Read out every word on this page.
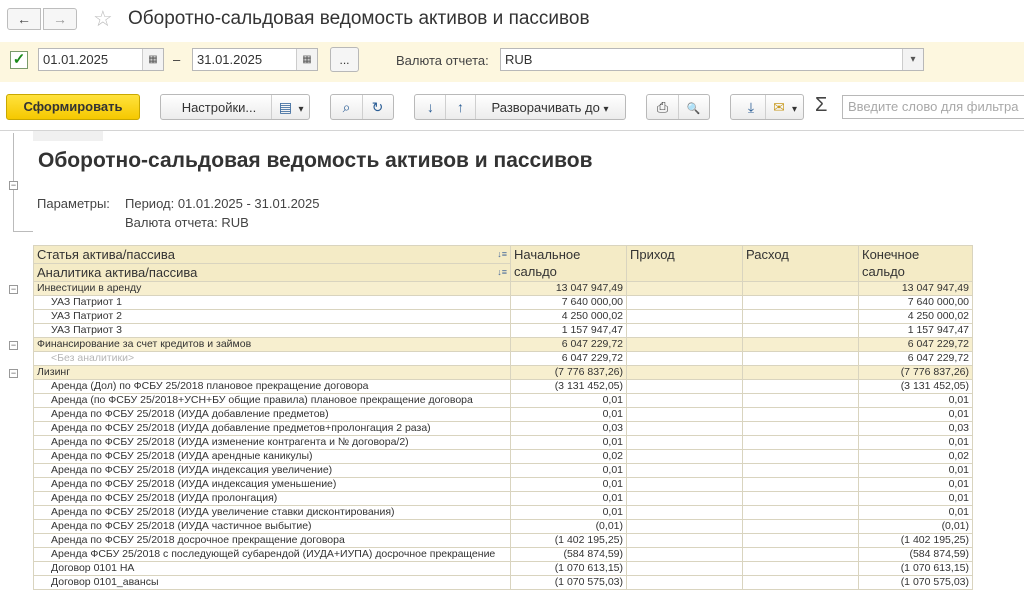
←	→	☆ Оборотно-сальдовая ведомость активов и пассивов
✓	01.01.2025	▦	–	31.01.2025	▦	...	Валюта отчета:	RUB	▾
Сформировать	Настройки... ▤ ▾	⌕ ↻	↓ ↑ Разворачивать до ▾	⎙ 🔍	⤓ ✉ ▾ Σ	Введите слово для фильтра
−
Оборотно-сальдовая ведомость активов и пассивов
Параметры: Период: 01.01.2025 - 31.01.2025
Валюта отчета: RUB
−
−
−
Статья актива/пассива ↓≡	Начальное сальдо	Приход	Расход	Конечное сальдо

Аналитика актива/пассива ↓≡				

Инвестиции в аренду	13 047 947,49			13 047 947,49
УАЗ Патриот 1	7 640 000,00			7 640 000,00
УАЗ Патриот 2	4 250 000,02			4 250 000,02
УАЗ Патриот 3	1 157 947,47			1 157 947,47
Финансирование за счет кредитов и займов	6 047 229,72			6 047 229,72
<Без аналитики>	6 047 229,72			6 047 229,72
Лизинг	(7 776 837,26)			(7 776 837,26)
Аренда (Дол) по ФСБУ 25/2018 плановое прекращение договора	(3 131 452,05)			(3 131 452,05)
Аренда (по ФСБУ 25/2018+УСН+БУ общие правила) плановое прекращение договора	0,01			0,01
Аренда по ФСБУ 25/2018 (ИУДА добавление предметов)	0,01			0,01
Аренда по ФСБУ 25/2018 (ИУДА добавление предметов+пролонгация 2 раза)	0,03			0,03
Аренда по ФСБУ 25/2018 (ИУДА изменение контрагента и № договора/2)	0,01			0,01
Аренда по ФСБУ 25/2018 (ИУДА арендные каникулы)	0,02			0,02
Аренда по ФСБУ 25/2018 (ИУДА индексация увеличение)	0,01			0,01
Аренда по ФСБУ 25/2018 (ИУДА индексация уменьшение)	0,01			0,01
Аренда по ФСБУ 25/2018 (ИУДА пролонгация)	0,01			0,01
Аренда по ФСБУ 25/2018 (ИУДА увеличение ставки дисконтирования)	0,01			0,01
Аренда по ФСБУ 25/2018 (ИУДА частичное выбытие)	(0,01)			(0,01)
Аренда по ФСБУ 25/2018 досрочное прекращение договора	(1 402 195,25)			(1 402 195,25)
Аренда ФСБУ 25/2018 с последующей субарендой (ИУДА+ИУПА) досрочное прекращение	(584 874,59)			(584 874,59)
Договор 0101 НА	(1 070 613,15)			(1 070 613,15)
Договор 0101_авансы	(1 070 575,03)			(1 070 575,03)
